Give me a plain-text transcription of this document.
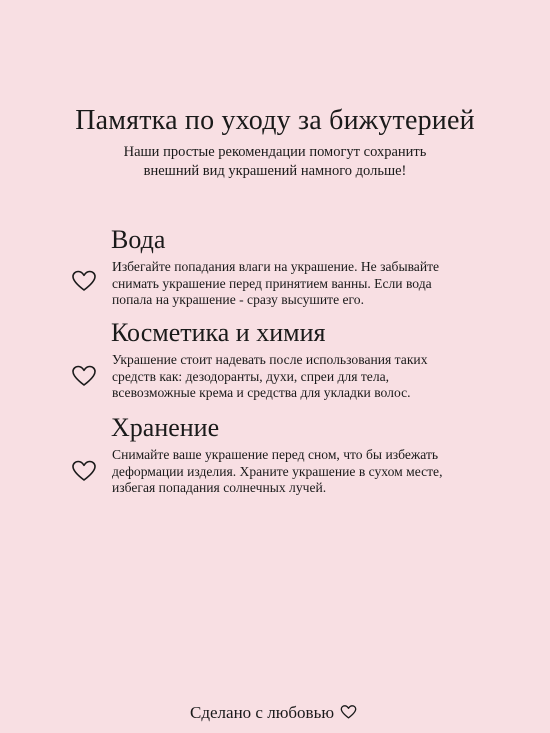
Памятка по уходу за бижутерией
Наши простые рекомендации помогут сохранить
внешний вид украшений намного дольше!
Вода
Избегайте попадания влаги на украшение. Не забывайте
снимать украшение перед принятием ванны. Если вода
попала на украшение - сразу высушите его.
Косметика и химия
Украшение стоит надевать после использования таких
средств как: дезодоранты, духи, спреи для тела,
всевозможные крема и средства для укладки волос.
Хранение
Снимайте ваше украшение перед сном, что бы избежать
деформации изделия. Храните украшение в сухом месте,
избегая попадания солнечных лучей.
Сделано с любовью
